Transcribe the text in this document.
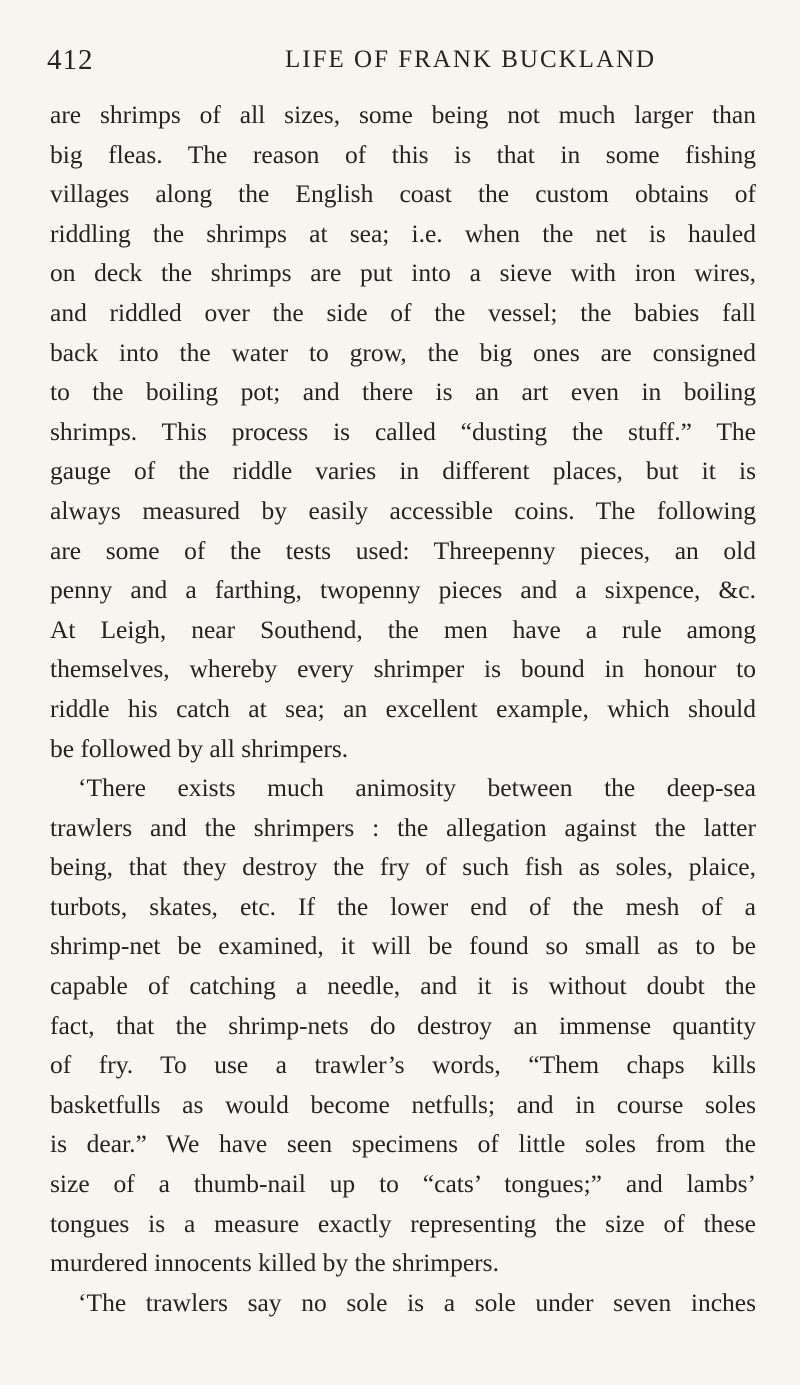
412	LIFE OF FRANK BUCKLAND
are shrimps of all sizes, some being not much larger than
big fleas. The reason of this is that in some fishing
villages along the English coast the custom obtains of
riddling the shrimps at sea; i.e. when the net is hauled
on deck the shrimps are put into a sieve with iron wires,
and riddled over the side of the vessel; the babies fall
back into the water to grow, the big ones are consigned
to the boiling pot; and there is an art even in boiling
shrimps. This process is called “dusting the stuff.” The
gauge of the riddle varies in different places, but it is
always measured by easily accessible coins. The following
are some of the tests used: Threepenny pieces, an old
penny and a farthing, twopenny pieces and a sixpence, &c.
At Leigh, near Southend, the men have a rule among
themselves, whereby every shrimper is bound in honour to
riddle his catch at sea; an excellent example, which should
be followed by all shrimpers.
‘There exists much animosity between the deep-sea
trawlers and the shrimpers : the allegation against the latter
being, that they destroy the fry of such fish as soles, plaice,
turbots, skates, etc. If the lower end of the mesh of a
shrimp-net be examined, it will be found so small as to be
capable of catching a needle, and it is without doubt the
fact, that the shrimp-nets do destroy an immense quantity
of fry. To use a trawler’s words, “Them chaps kills
basketfulls as would become netfulls; and in course soles
is dear.” We have seen specimens of little soles from the
size of a thumb-nail up to “cats’ tongues;” and lambs’
tongues is a measure exactly representing the size of these
murdered innocents killed by the shrimpers.
‘The trawlers say no sole is a sole under seven inches
